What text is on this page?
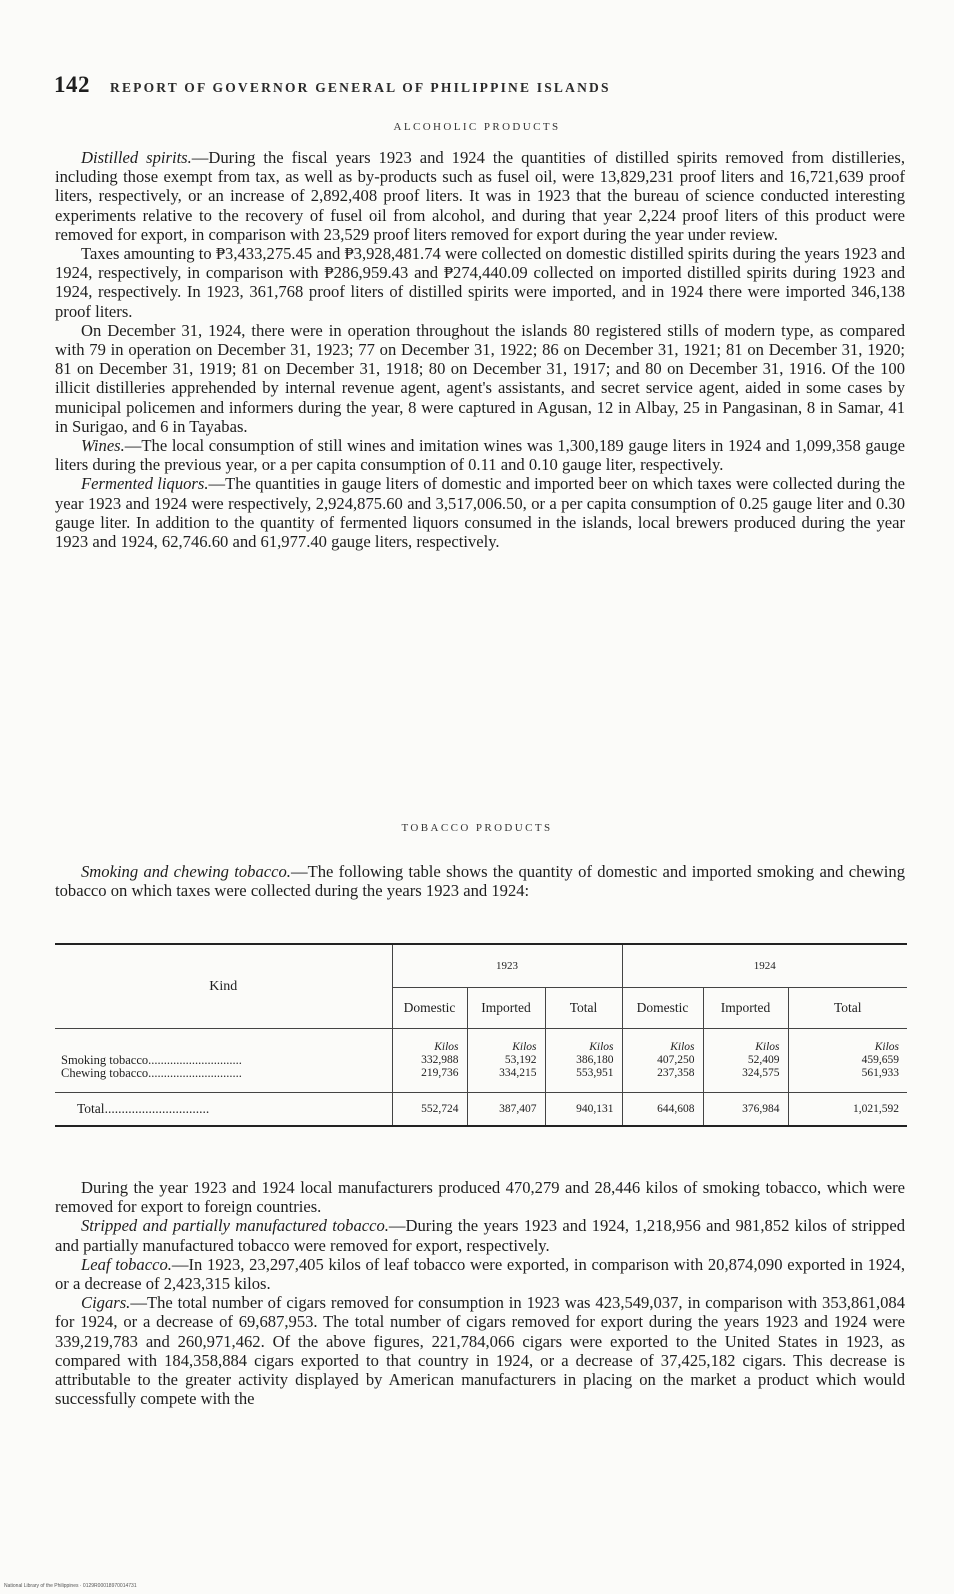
142 REPORT OF GOVERNOR GENERAL OF PHILIPPINE ISLANDS
ALCOHOLIC PRODUCTS

Distilled spirits.—During the fiscal years 1923 and 1924 the quantities of distilled spirits removed from distilleries, including those exempt from tax, as well as by-products such as fusel oil, were 13,829,231 proof liters and 16,721,639 proof liters, respectively, or an increase of 2,892,408 proof liters. It was in 1923 that the bureau of science conducted interesting experiments relative to the recovery of fusel oil from alcohol, and during that year 2,224 proof liters of this product were removed for export, in comparison with 23,529 proof liters removed for export during the year under review.

Taxes amounting to ₱3,433,275.45 and ₱3,928,481.74 were collected on domestic distilled spirits during the years 1923 and 1924, respectively, in comparison with ₱286,959.43 and ₱274,440.09 collected on imported distilled spirits during 1923 and 1924, respectively. In 1923, 361,768 proof liters of distilled spirits were imported, and in 1924 there were imported 346,138 proof liters.

On December 31, 1924, there were in operation throughout the islands 80 registered stills of modern type, as compared with 79 in operation on December 31, 1923; 77 on December 31, 1922; 86 on December 31, 1921; 81 on December 31, 1920; 81 on December 31, 1919; 81 on December 31, 1918; 80 on December 31, 1917; and 80 on December 31, 1916. Of the 100 illicit distilleries apprehended by internal revenue agent, agent's assistants, and secret service agent, aided in some cases by municipal policemen and informers during the year, 8 were captured in Agusan, 12 in Albay, 25 in Pangasinan, 8 in Samar, 41 in Surigao, and 6 in Tayabas.

Wines.—The local consumption of still wines and imitation wines was 1,300,189 gauge liters in 1924 and 1,099,358 gauge liters during the previous year, or a per capita consumption of 0.11 and 0.10 gauge liter, respectively.

Fermented liquors.—The quantities in gauge liters of domestic and imported beer on which taxes were collected during the year 1923 and 1924 were respectively, 2,924,875.60 and 3,517,006.50, or a per capita consumption of 0.25 gauge liter and 0.30 gauge liter. In addition to the quantity of fermented liquors consumed in the islands, local brewers produced during the year 1923 and 1924, 62,746.60 and 61,977.40 gauge liters, respectively.

TOBACCO PRODUCTS

Smoking and chewing tobacco.—The following table shows the quantity of domestic and imported smoking and chewing tobacco on which taxes were collected during the years 1923 and 1924:

Kind	1923			1924		
	Domestic	Imported	Total	Domestic	Imported	Total
	Kilos	Kilos	Kilos	Kilos	Kilos	Kilos
Smoking tobacco..............................	332,988	53,192	386,180	407,250	52,409	459,659
Chewing tobacco..............................	219,736	334,215	553,951	237,358	324,575	561,933
Total...............................	552,724	387,407	940,131	644,608	376,984	1,021,592

During the year 1923 and 1924 local manufacturers produced 470,279 and 28,446 kilos of smoking tobacco, which were removed for export to foreign countries.

Stripped and partially manufactured tobacco.—During the years 1923 and 1924, 1,218,956 and 981,852 kilos of stripped and partially manufactured tobacco were removed for export, respectively.

Leaf tobacco.—In 1923, 23,297,405 kilos of leaf tobacco were exported, in comparison with 20,874,090 exported in 1924, or a decrease of 2,423,315 kilos.

Cigars.—The total number of cigars removed for consumption in 1923 was 423,549,037, in comparison with 353,861,084 for 1924, or a decrease of 69,687,953. The total number of cigars removed for export during the years 1923 and 1924 were 339,219,783 and 260,971,462. Of the above figures, 221,784,066 cigars were exported to the United States in 1923, as compared with 184,358,884 cigars exported to that country in 1924, or a decrease of 37,425,182 cigars. This decrease is attributable to the greater activity displayed by American manufacturers in placing on the market a product which would successfully compete with the

National Library of the Philippines · 0129R00018970014731
